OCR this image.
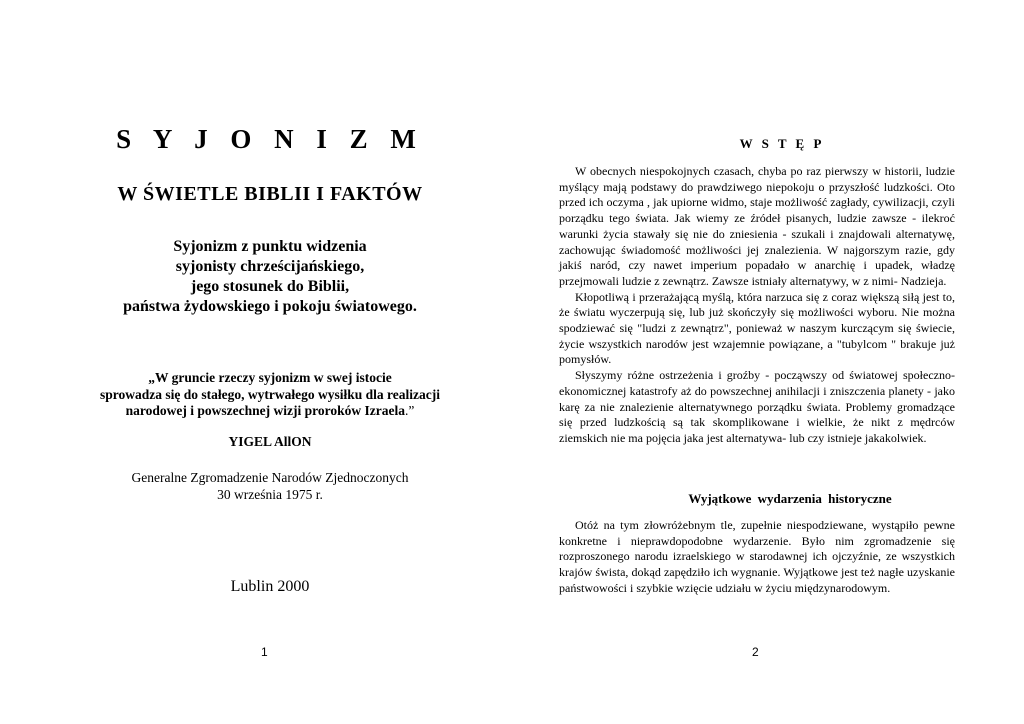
S Y J O N I Z M
W ŚWIETLE BIBLII I FAKTÓW
Syjonizm z punktu widzenia
syjonisty chrześcijańskiego,
jego stosunek do Biblii,
państwa żydowskiego i pokoju światowego.
„W gruncie rzeczy syjonizm w swej istocie
sprowadza się do stałego, wytrwałego wysiłku dla realizacji
narodowej i powszechnej wizji proroków Izraela.”
YIGEL AllON
Generalne Zgromadzenie Narodów Zjednoczonych
30 września 1975 r.
Lublin 2000
1
W S T Ę P

W obecnych niespokojnych czasach, chyba po raz pierwszy w historii, ludzie myślący mają podstawy do prawdziwego niepokoju o przyszłość ludzkości. Oto przed ich oczyma , jak upiorne widmo, staje możliwość zagłady, cywilizacji, czyli porządku tego świata. Jak wiemy ze źródeł pisanych, ludzie zawsze - ilekroć warunki życia stawały się nie do zniesienia - szukali i znajdowali alternatywę, zachowując świadomość możliwości jej znalezienia. W najgorszym razie, gdy jakiś naród, czy nawet imperium popadało w anarchię i upadek, władzę przejmowali ludzie z zewnątrz. Zawsze istniały alternatywy, w z nimi- Nadzieja.

Kłopotliwą i przerażającą myślą, która narzuca się z coraz większą siłą jest to, że światu wyczerpują się, lub już skończyły się możliwości wyboru. Nie można spodziewać się "ludzi z zewnątrz", ponieważ w naszym kurczącym się świecie, życie wszystkich narodów jest wzajemnie powiązane, a "tubylcom " brakuje już pomysłów.

Słyszymy różne ostrzeżenia i groźby - począwszy od światowej społeczno-ekonomicznej katastrofy aż do powszechnej anihilacji i zniszczenia planety - jako karę za nie znalezienie alternatywnego porządku świata. Problemy gromadzące się przed ludzkością są tak skomplikowane i wielkie, że nikt z mędrców ziemskich nie ma pojęcia jaka jest alternatywa- lub czy istnieje jakakolwiek.

Wyjątkowe wydarzenia historyczne

Otóż na tym złowróżebnym tle, zupełnie niespodziewane, wystąpiło pewne konkretne i nieprawdopodobne wydarzenie. Było nim zgromadzenie się rozproszonego narodu izraelskiego w starodawnej ich ojczyźnie, ze wszystkich krajów śwista, dokąd zapędziło ich wygnanie. Wyjątkowe jest też nagłe uzyskanie państwowości i szybkie wzięcie udziału w życiu międzynarodowym.

2
